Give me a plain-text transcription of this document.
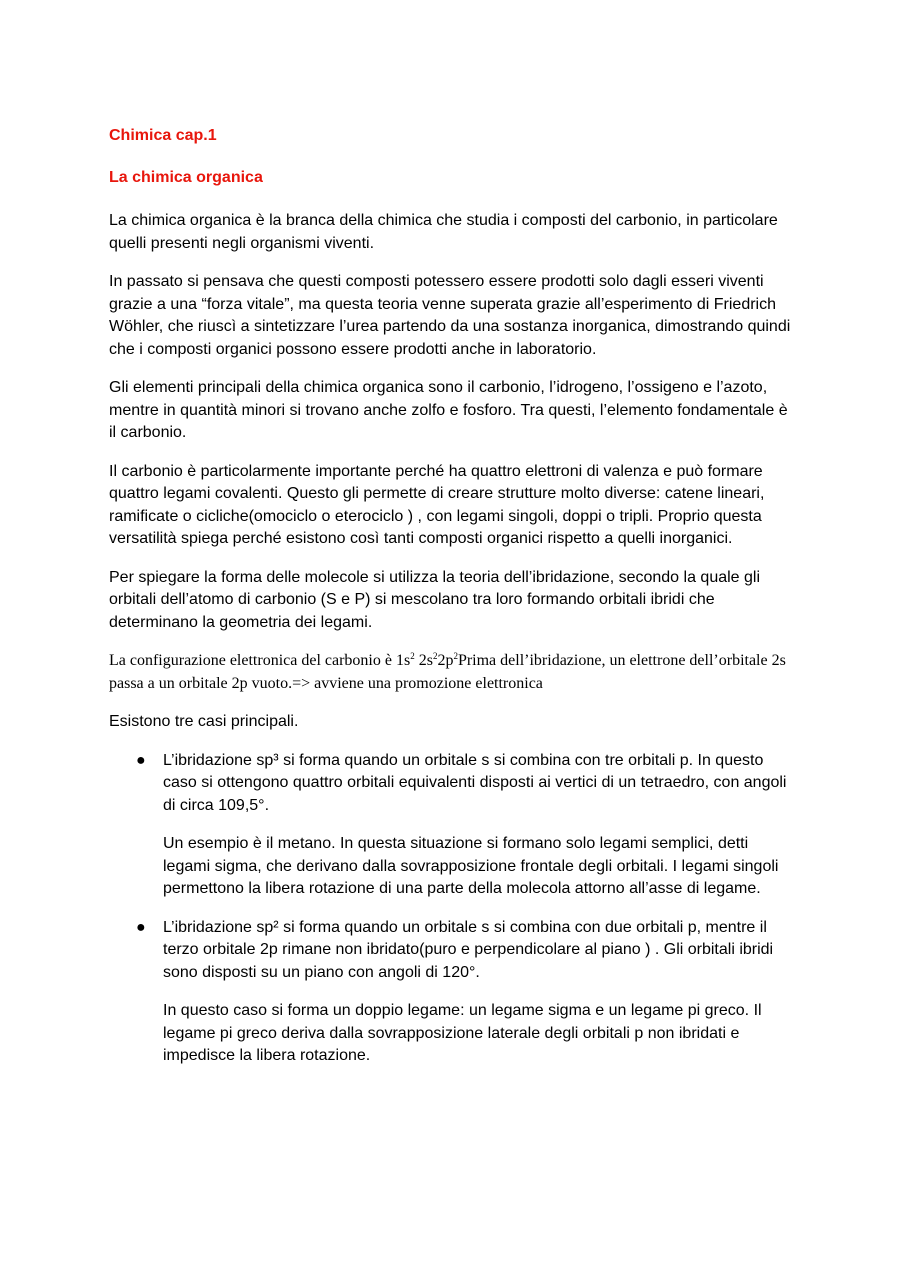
Chimica cap.1
La chimica organica

La chimica organica è la branca della chimica che studia i composti del carbonio, in particolare quelli presenti negli organismi viventi.

In passato si pensava che questi composti potessero essere prodotti solo dagli esseri viventi grazie a una “forza vitale”, ma questa teoria venne superata grazie all’esperimento di Friedrich Wöhler, che riuscì a sintetizzare l’urea partendo da una sostanza inorganica, dimostrando quindi che i composti organici possono essere prodotti anche in laboratorio.

Gli elementi principali della chimica organica sono il carbonio, l’idrogeno, l’ossigeno e l’azoto, mentre in quantità minori si trovano anche zolfo e fosforo. Tra questi, l’elemento fondamentale è il carbonio.

Il carbonio è particolarmente importante perché ha quattro elettroni di valenza e può formare quattro legami covalenti. Questo gli permette di creare strutture molto diverse: catene lineari, ramificate o cicliche(omociclo o eterociclo ) , con legami singoli, doppi o tripli. Proprio questa versatilità spiega perché esistono così tanti composti organici rispetto a quelli inorganici.

Per spiegare la forma delle molecole si utilizza la teoria dell’ibridazione, secondo la quale gli orbitali dell’atomo di carbonio (S e P) si mescolano tra loro formando orbitali ibridi che determinano la geometria dei legami.

La configurazione elettronica del carbonio è $1s^2$ $2s^22p^2Prima$ dell’ibridazione, un elettrone dell’orbitale 2s passa a un orbitale 2p vuoto.=> avviene una promozione elettronica

Esistono tre casi principali.

● L’ibridazione sp³ si forma quando un orbitale s si combina con tre orbitali p. In questo caso si ottengono quattro orbitali equivalenti disposti ai vertici di un tetraedro, con angoli di circa 109,5°.

Un esempio è il metano. In questa situazione si formano solo legami semplici, detti legami sigma, che derivano dalla sovrapposizione frontale degli orbitali. I legami singoli permettono la libera rotazione di una parte della molecola attorno all’asse di legame.

● L’ibridazione sp² si forma quando un orbitale s si combina con due orbitali p, mentre il terzo orbitale 2p rimane non ibridato(puro e perpendicolare al piano ) . Gli orbitali ibridi sono disposti su un piano con angoli di 120°.

In questo caso si forma un doppio legame: un legame sigma e un legame pi greco. Il legame pi greco deriva dalla sovrapposizione laterale degli orbitali p non ibridati e impedisce la libera rotazione.
